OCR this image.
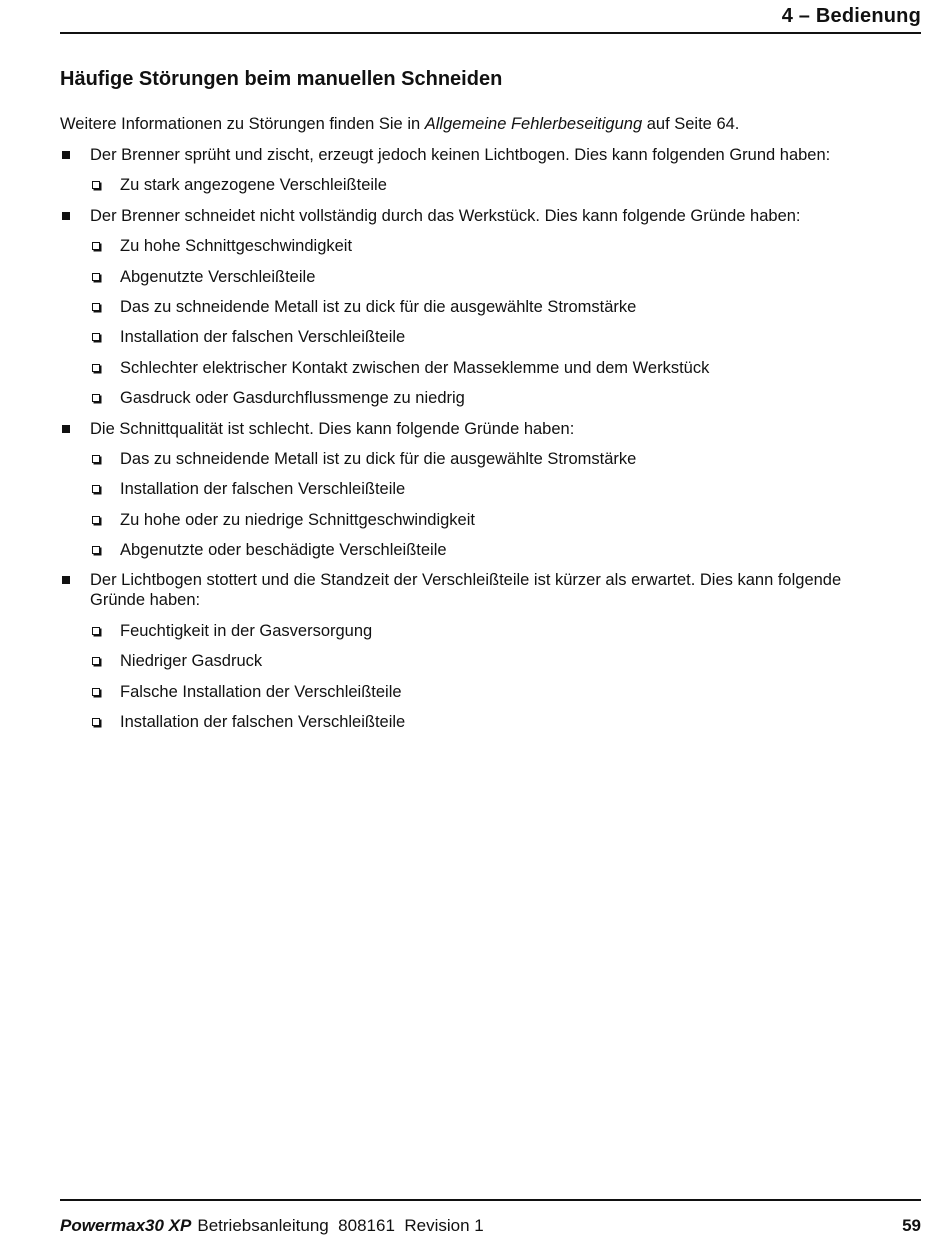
4 – Bedienung
Häufige Störungen beim manuellen Schneiden
Weitere Informationen zu Störungen finden Sie in Allgemeine Fehlerbeseitigung auf Seite 64.
Der Brenner sprüht und zischt, erzeugt jedoch keinen Lichtbogen. Dies kann folgenden Grund haben:
Zu stark angezogene Verschleißteile
Der Brenner schneidet nicht vollständig durch das Werkstück. Dies kann folgende Gründe haben:
Zu hohe Schnittgeschwindigkeit
Abgenutzte Verschleißteile
Das zu schneidende Metall ist zu dick für die ausgewählte Stromstärke
Installation der falschen Verschleißteile
Schlechter elektrischer Kontakt zwischen der Masseklemme und dem Werkstück
Gasdruck oder Gasdurchflussmenge zu niedrig
Die Schnittqualität ist schlecht. Dies kann folgende Gründe haben:
Das zu schneidende Metall ist zu dick für die ausgewählte Stromstärke
Installation der falschen Verschleißteile
Zu hohe oder zu niedrige Schnittgeschwindigkeit
Abgenutzte oder beschädigte Verschleißteile
Der Lichtbogen stottert und die Standzeit der Verschleißteile ist kürzer als erwartet. Dies kann folgende Gründe haben:
Feuchtigkeit in der Gasversorgung
Niedriger Gasdruck
Falsche Installation der Verschleißteile
Installation der falschen Verschleißteile
Powermax30 XP Betriebsanleitung  808161  Revision 1	59
